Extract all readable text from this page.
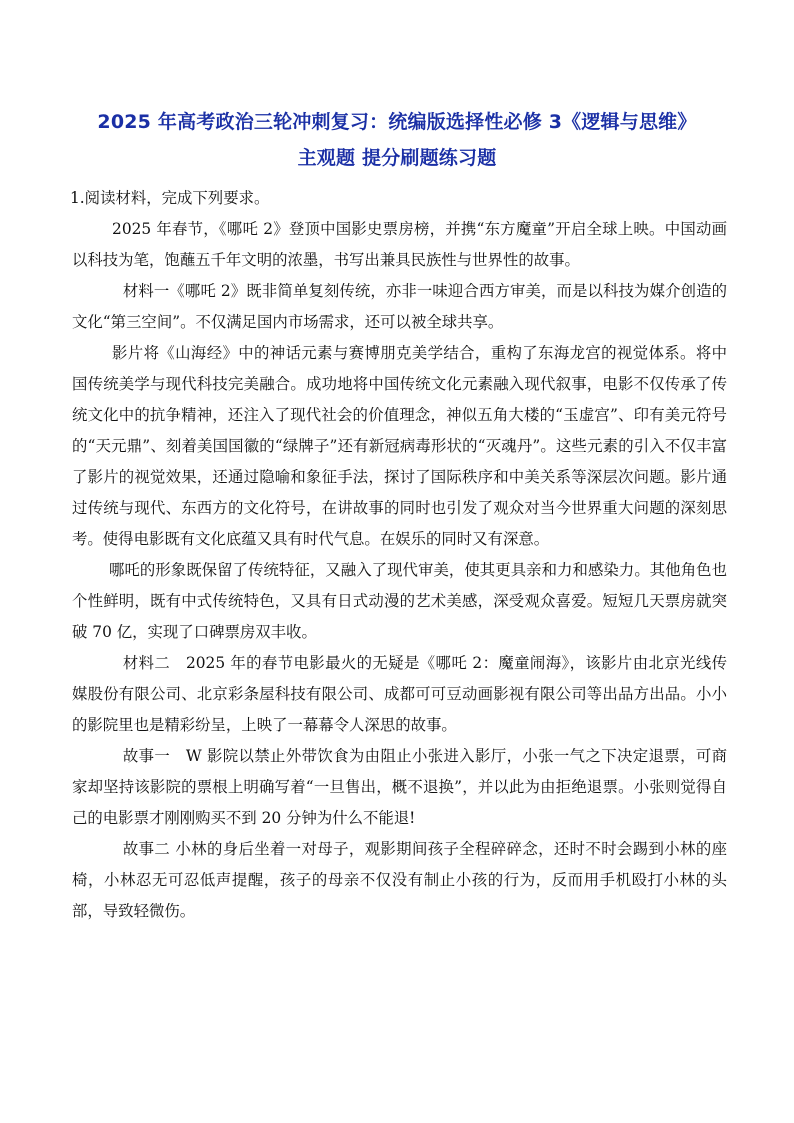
2025 年高考政治三轮冲刺复习：统编版选择性必修 3《逻辑与思维》
主观题 提分刷题练习题

1.阅读材料，完成下列要求。

2025 年春节，《哪吒 2》登顶中国影史票房榜，并携“东方魔童”开启全球上映。中国动画以科技为笔，饱蘸五千年文明的浓墨，书写出兼具民族性与世界性的故事。

材料一《哪吒 2》既非简单复刻传统，亦非一味迎合西方审美，而是以科技为媒介创造的文化“第三空间”。不仅满足国内市场需求，还可以被全球共享。

影片将《山海经》中的神话元素与赛博朋克美学结合，重构了东海龙宫的视觉体系。将中国传统美学与现代科技完美融合。成功地将中国传统文化元素融入现代叙事，电影不仅传承了传统文化中的抗争精神，还注入了现代社会的价值理念，神似五角大楼的“玉虚宫”、印有美元符号的“天元鼎”、刻着美国国徽的“绿牌子”还有新冠病毒形状的“灭魂丹”。这些元素的引入不仅丰富了影片的视觉效果，还通过隐喻和象征手法，探讨了国际秩序和中美关系等深层次问题。影片通过传统与现代、东西方的文化符号，在讲故事的同时也引发了观众对当今世界重大问题的深刻思考。使得电影既有文化底蕴又具有时代气息。在娱乐的同时又有深意。

哪吒的形象既保留了传统特征，又融入了现代审美，使其更具亲和力和感染力。其他角色也个性鲜明，既有中式传统特色，又具有日式动漫的艺术美感，深受观众喜爱。短短几天票房就突破 70 亿，实现了口碑票房双丰收。

材料二　2025 年的春节电影最火的无疑是《哪吒 2：魔童闹海》，该影片由北京光线传媒股份有限公司、北京彩条屋科技有限公司、成都可可豆动画影视有限公司等出品方出品。小小的影院里也是精彩纷呈，上映了一幕幕令人深思的故事。

故事一　W 影院以禁止外带饮食为由阻止小张进入影厅，小张一气之下决定退票，可商家却坚持该影院的票根上明确写着“一旦售出，概不退换”，并以此为由拒绝退票。小张则觉得自己的电影票才刚刚购买不到 20 分钟为什么不能退!

故事二 小林的身后坐着一对母子，观影期间孩子全程碎碎念，还时不时会踢到小林的座椅，小林忍无可忍低声提醒，孩子的母亲不仅没有制止小孩的行为，反而用手机殴打小林的头部，导致轻微伤。
